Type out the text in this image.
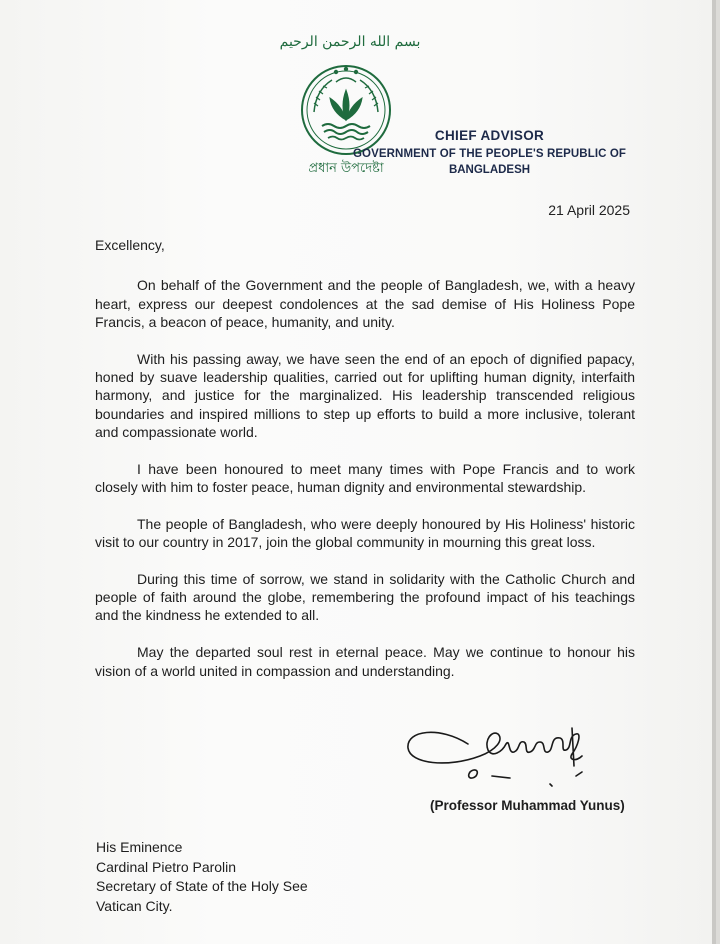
بسم الله الرحمن الرحيم
প্রধান উপদেষ্টা
CHIEF ADVISOR
GOVERNMENT OF THE PEOPLE'S REPUBLIC OF
BANGLADESH
21 April 2025

Excellency,

On behalf of the Government and the people of Bangladesh, we, with a heavy heart, express our deepest condolences at the sad demise of His Holiness Pope Francis, a beacon of peace, humanity, and unity.

With his passing away, we have seen the end of an epoch of dignified papacy, honed by suave leadership qualities, carried out for uplifting human dignity, interfaith harmony, and justice for the marginalized. His leadership transcended religious boundaries and inspired millions to step up efforts to build a more inclusive, tolerant and compassionate world.

I have been honoured to meet many times with Pope Francis and to work closely with him to foster peace, human dignity and environmental stewardship.

The people of Bangladesh, who were deeply honoured by His Holiness' historic visit to our country in 2017, join the global community in mourning this great loss.

During this time of sorrow, we stand in solidarity with the Catholic Church and people of faith around the globe, remembering the profound impact of his teachings and the kindness he extended to all.

May the departed soul rest in eternal peace. May we continue to honour his vision of a world united in compassion and understanding.

(Professor Muhammad Yunus)
His Eminence
Cardinal Pietro Parolin
Secretary of State of the Holy See
Vatican City.
